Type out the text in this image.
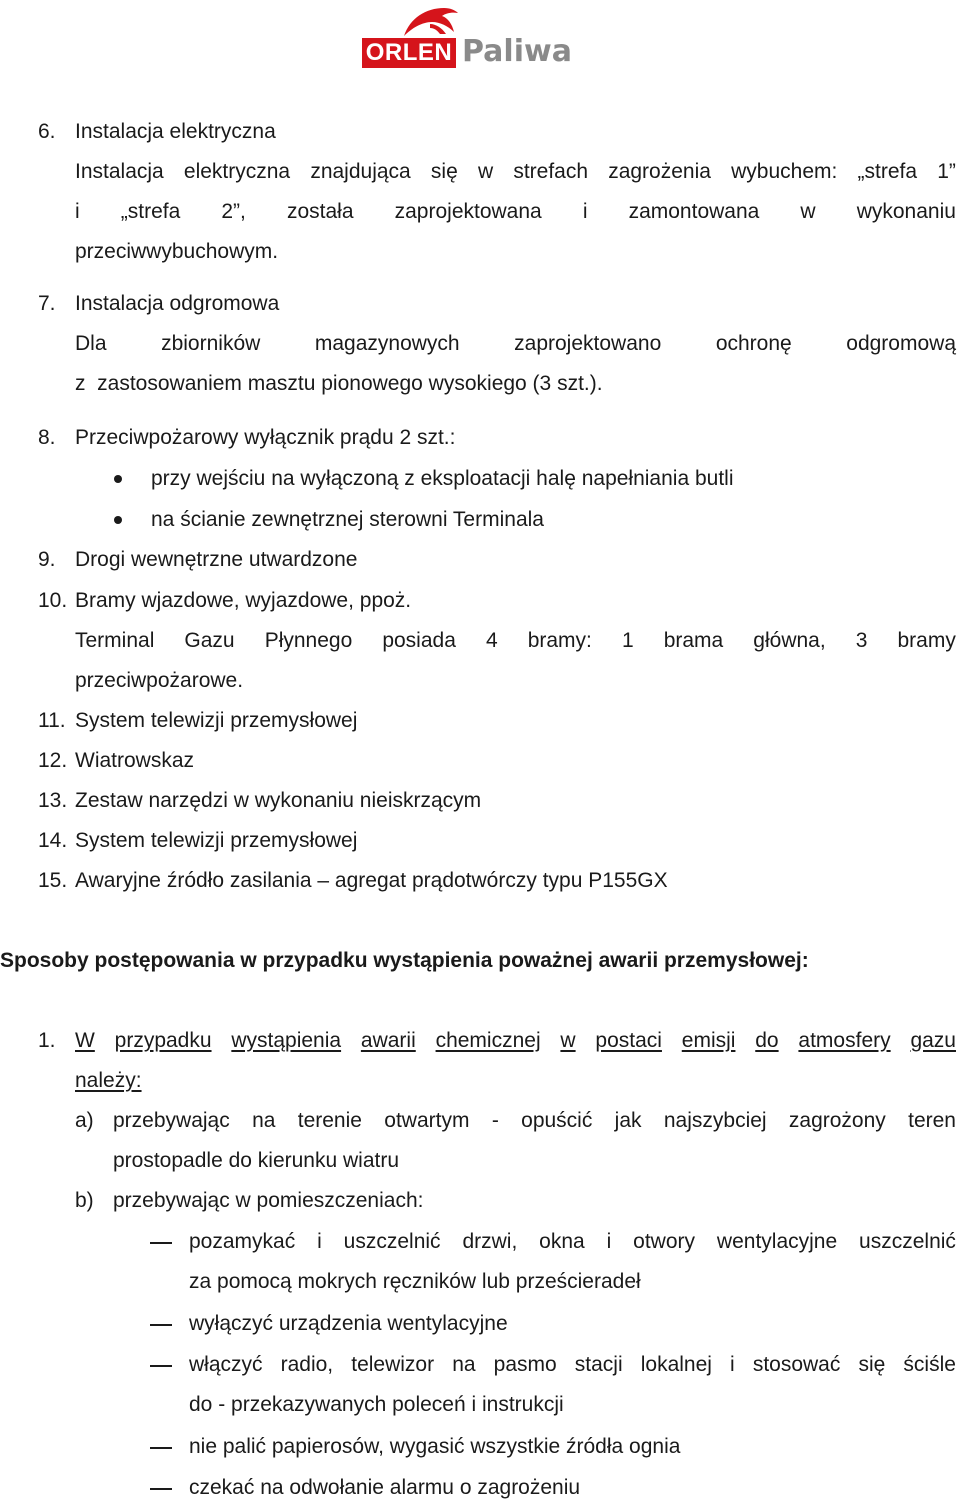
ORLEN Paliwa
6. Instalacja elektryczna
Instalacja elektryczna znajdująca się w strefach zagrożenia wybuchem: „strefa 1”
i „strefa 2”, została zaprojektowana i zamontowana w wykonaniu
przeciwwybuchowym.
7. Instalacja odgromowa
Dla	zbiorników	magazynowych	zaprojektowano	ochronę	odgromową
z  zastosowaniem masztu pionowego wysokiego (3 szt.).
8. Przeciwpożarowy wyłącznik prądu 2 szt.:
przy wejściu na wyłączoną z eksploatacji halę napełniania butli
na ścianie zewnętrznej sterowni Terminala
9. Drogi wewnętrzne utwardzone
10. Bramy wjazdowe, wyjazdowe, ppoż.
Terminal Gazu Płynnego posiada 4 bramy: 1 brama główna, 3 bramy
przeciwpożarowe.
11. System telewizji przemysłowej
12. Wiatrowskaz
13. Zestaw narzędzi w wykonaniu nieiskrzącym
14. System telewizji przemysłowej
15. Awaryjne źródło zasilania – agregat prądotwórczy typu P155GX
Sposoby postępowania w przypadku wystąpienia poważnej awarii przemysłowej:
1. W przypadku wystąpienia awarii chemicznej w postaci emisji do atmosfery gazu
należy:
a) przebywając na terenie otwartym - opuścić jak najszybciej zagrożony teren
prostopadle do kierunku wiatru
b) przebywając w pomieszczeniach:
pozamykać i uszczelnić drzwi, okna i otwory wentylacyjne uszczelnić
za pomocą mokrych ręczników lub prześcieradeł
wyłączyć urządzenia wentylacyjne
włączyć radio, telewizor na pasmo stacji lokalnej i stosować się ściśle
do - przekazywanych poleceń i instrukcji
nie palić papierosów, wygasić wszystkie źródła ognia
czekać na odwołanie alarmu o zagrożeniu
